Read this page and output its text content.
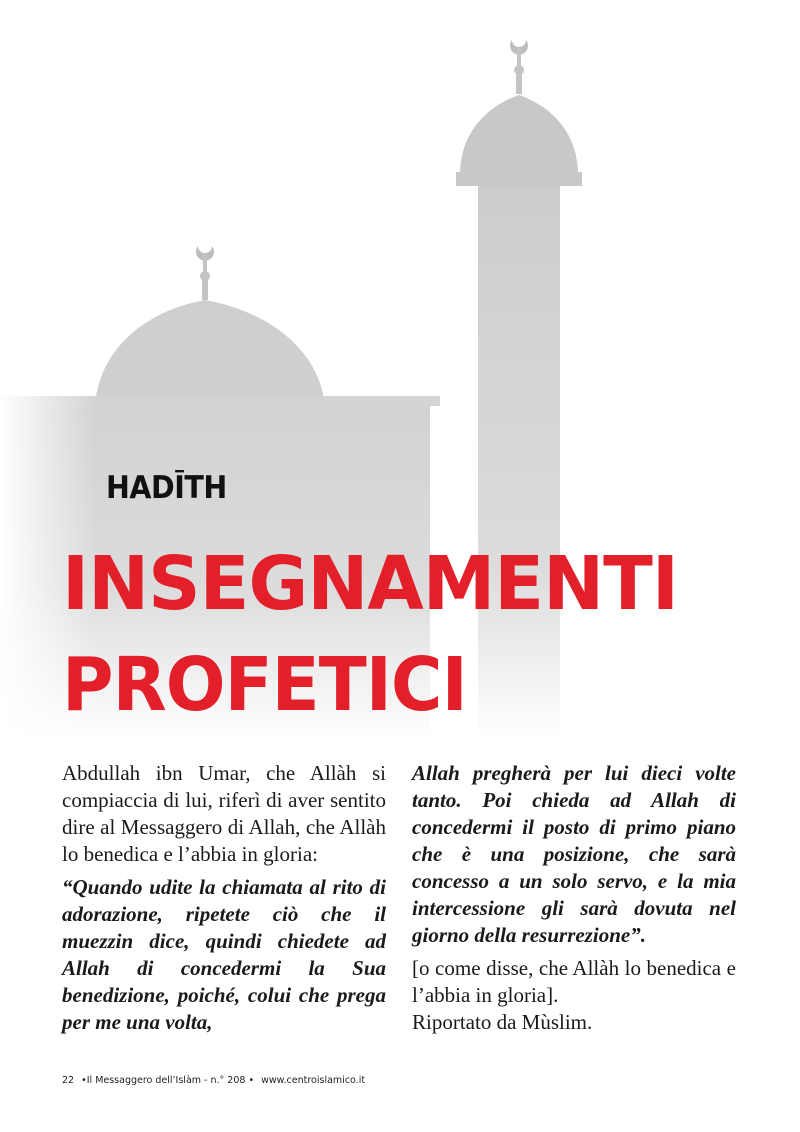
HADĪTH
INSEGNAMENTI
PROFETICI

Abdullah ibn Umar, che Allàh si compiaccia di lui, riferì di aver sentito dire al Messaggero di Allah, che Allàh lo benedica e l’abbia in gloria:

“Quando udite la chiamata al rito di adorazione, ripetete ciò che il muezzin dice, quindi chiedete ad Allah di concedermi la Sua benedizione, poiché, colui che prega per me una volta,

Allah pregherà per lui dieci volte tanto. Poi chieda ad Allah di concedermi il posto di primo piano che è una posizione, che sarà concesso a un solo servo, e la mia intercessione gli sarà dovuta nel giorno della resurrezione”.

[o come disse, che Allàh lo benedica e l’abbia in gloria].

Riportato da Mùslim.

22 •Il Messaggero dell’Islàm - n.° 208 • www.centroislamico.it
